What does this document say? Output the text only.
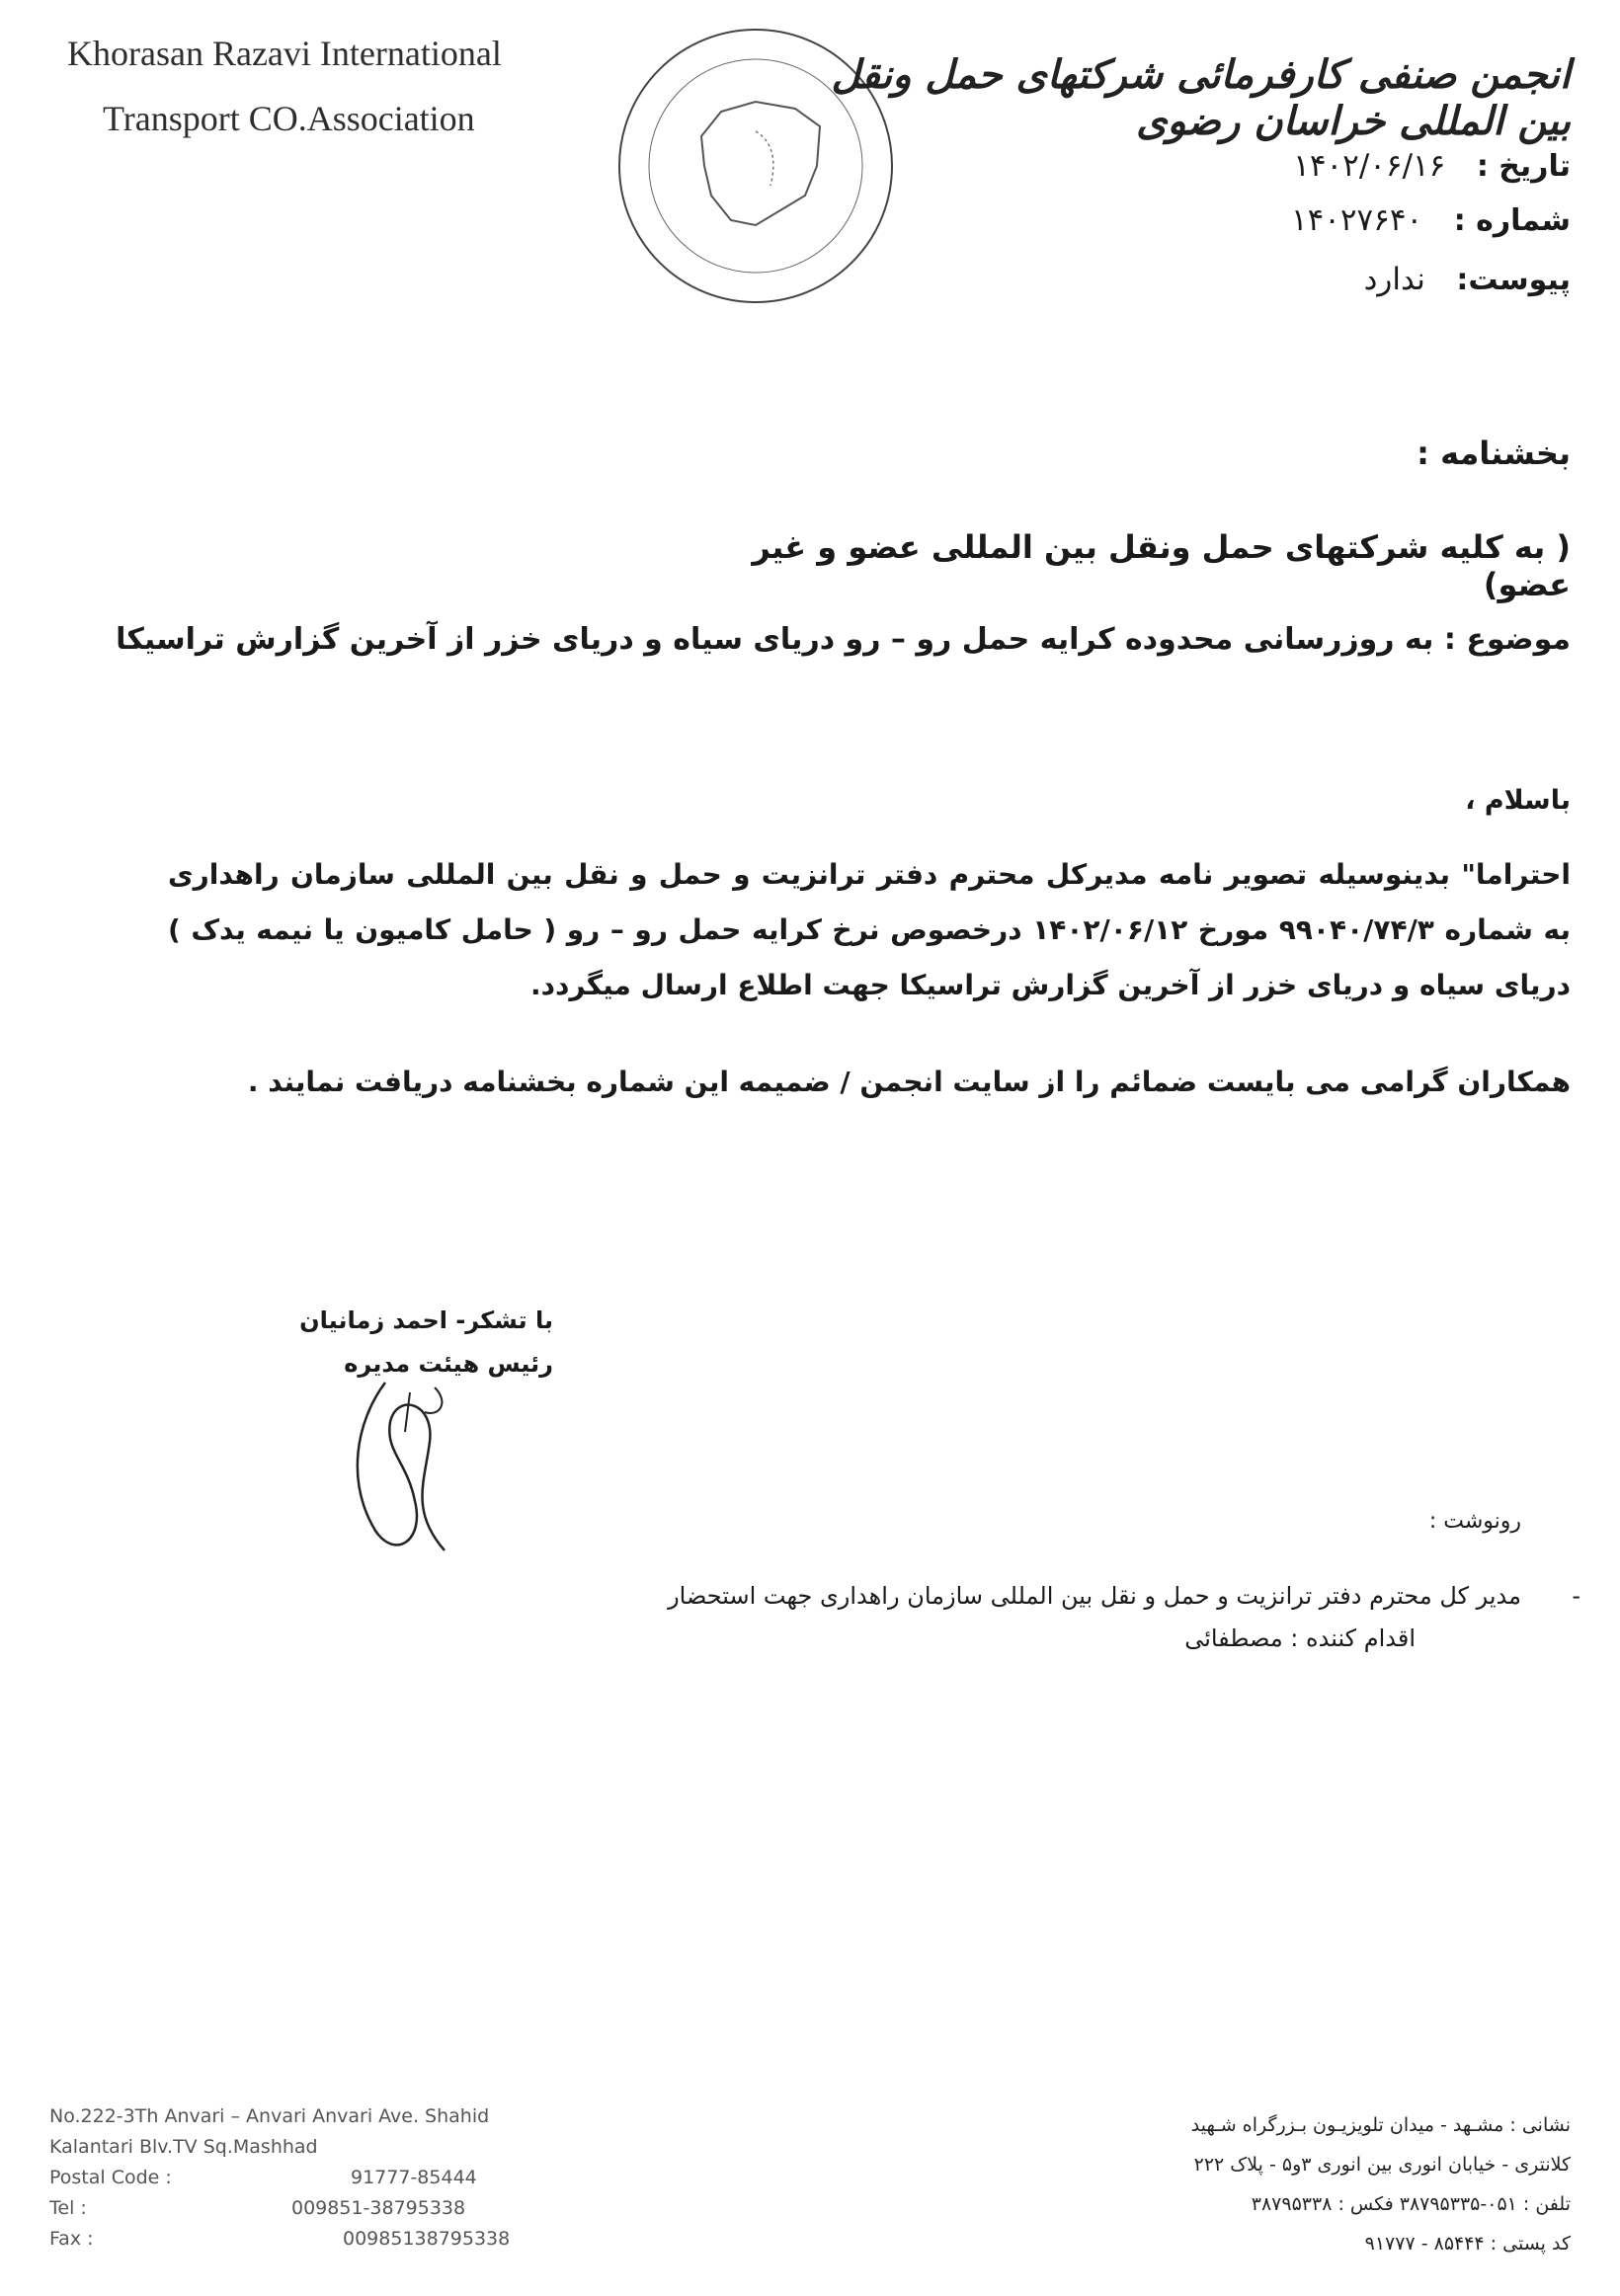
Khorasan Razavi International
Transport CO.Association
انجمن صنفی کارفرمائی شرکتهای حمل ونقل بین المللی خراسان رضوی
تاریخ : ۱۴۰۲/۰۶/۱۶
شماره : ۱۴۰۲۷۶۴۰
پیوست: ندارد
بخشنامه :
( به کلیه شرکتهای حمل ونقل بین المللی عضو و غیر عضو)
موضوع : به روزرسانی محدوده کرایه حمل رو – رو دریای سیاه و دریای خزر از آخرین گزارش تراسیکا
باسلام ،
احتراما" بدینوسیله تصویر نامه مدیرکل محترم دفتر ترانزیت و حمل و نقل بین المللی سازمان راهداری به شماره ۹۹۰۴۰/۷۴/۳ مورخ ۱۴۰۲/۰۶/۱۲ درخصوص نرخ کرایه حمل رو – رو ( حامل کامیون یا نیمه یدک ) دریای سیاه و دریای خزر از آخرین گزارش تراسیکا جهت اطلاع ارسال میگردد.
همکاران گرامی می بایست ضمائم را از سایت انجمن / ضمیمه این شماره بخشنامه دریافت نمایند .
با تشکر- احمد زمانیان
رئیس هیئت مدیره
رونوشت :
-
مدیر کل محترم دفتر ترانزیت و حمل و نقل بین المللی سازمان راهداری جهت استحضار
اقدام کننده : مصطفائی
No.222-3Th Anvari – Anvari Anvari Ave. Shahid
Kalantari Blv.TV Sq.Mashhad
Postal Code :	91777-85444
Tel :	009851-38795338
Fax :	00985138795338
نشانی : مشـهد - میدان تلویزیـون بـزرگراه شـهید
کلانتری - خیابان انوری بین انوری ۳و۵ - پلاک ۲۲۲
تلفن : ۰۵۱-۳۸۷۹۵۳۳۵ فکس : ۳۸۷۹۵۳۳۸
کد پستی : ۸۵۴۴۴ - ۹۱۷۷۷
